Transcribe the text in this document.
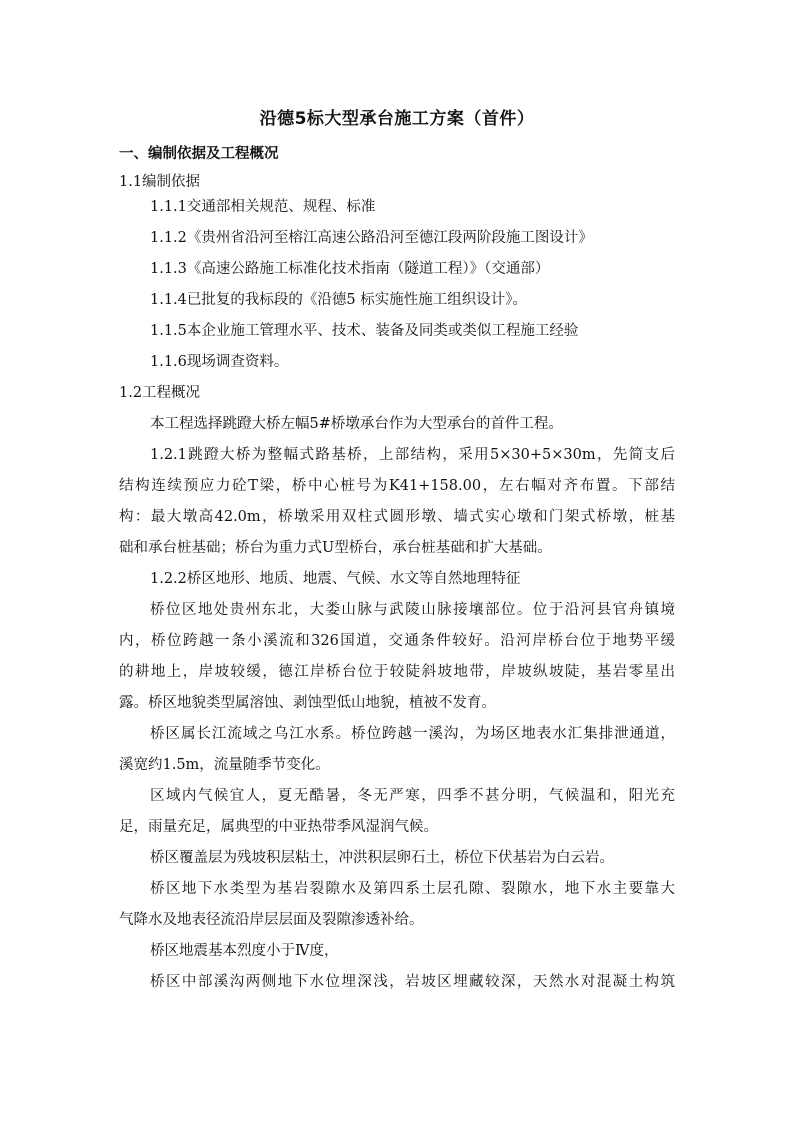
沿德5标大型承台施工方案（首件）
一、编制依据及工程概况
1.1编制依据
1.1.1交通部相关规范、规程、标准
1.1.2《贵州省沿河至榕江高速公路沿河至德江段两阶段施工图设计》
1.1.3《高速公路施工标准化技术指南（隧道工程）》（交通部）
1.1.4已批复的我标段的《沿德5 标实施性施工组织设计》。
1.1.5本企业施工管理水平、技术、装备及同类或类似工程施工经验
1.1.6现场调查资料。
1.2工程概况
本工程选择跳蹬大桥左幅5#桥墩承台作为大型承台的首件工程。
1.2.1跳蹬大桥为整幅式路基桥，上部结构，采用5×30+5×30m，先简支后
结构连续预应力砼T梁，桥中心桩号为K41+158.00，左右幅对齐布置。下部结
构：最大墩高42.0m，桥墩采用双柱式圆形墩、墙式实心墩和门架式桥墩，桩基
础和承台桩基础；桥台为重力式U型桥台，承台桩基础和扩大基础。
1.2.2桥区地形、地质、地震、气候、水文等自然地理特征
桥位区地处贵州东北，大娄山脉与武陵山脉接壤部位。位于沿河县官舟镇境
内，桥位跨越一条小溪流和326国道，交通条件较好。沿河岸桥台位于地势平缓
的耕地上，岸坡较缓，德江岸桥台位于较陡斜坡地带，岸坡纵坡陡，基岩零星出
露。桥区地貌类型属溶蚀、剥蚀型低山地貌，植被不发育。
桥区属长江流域之乌江水系。桥位跨越一溪沟，为场区地表水汇集排泄通道，
溪宽约1.5m，流量随季节变化。
区域内气候宜人，夏无酷暑，冬无严寒，四季不甚分明，气候温和，阳光充
足，雨量充足，属典型的中亚热带季风湿润气候。
桥区覆盖层为残坡积层粘土，冲洪积层卵石土，桥位下伏基岩为白云岩。
桥区地下水类型为基岩裂隙水及第四系土层孔隙、裂隙水，地下水主要靠大
气降水及地表径流沿岸层层面及裂隙渗透补给。
桥区地震基本烈度小于Ⅳ度，
桥区中部溪沟两侧地下水位埋深浅，岩坡区埋藏较深，天然水对混凝土构筑
